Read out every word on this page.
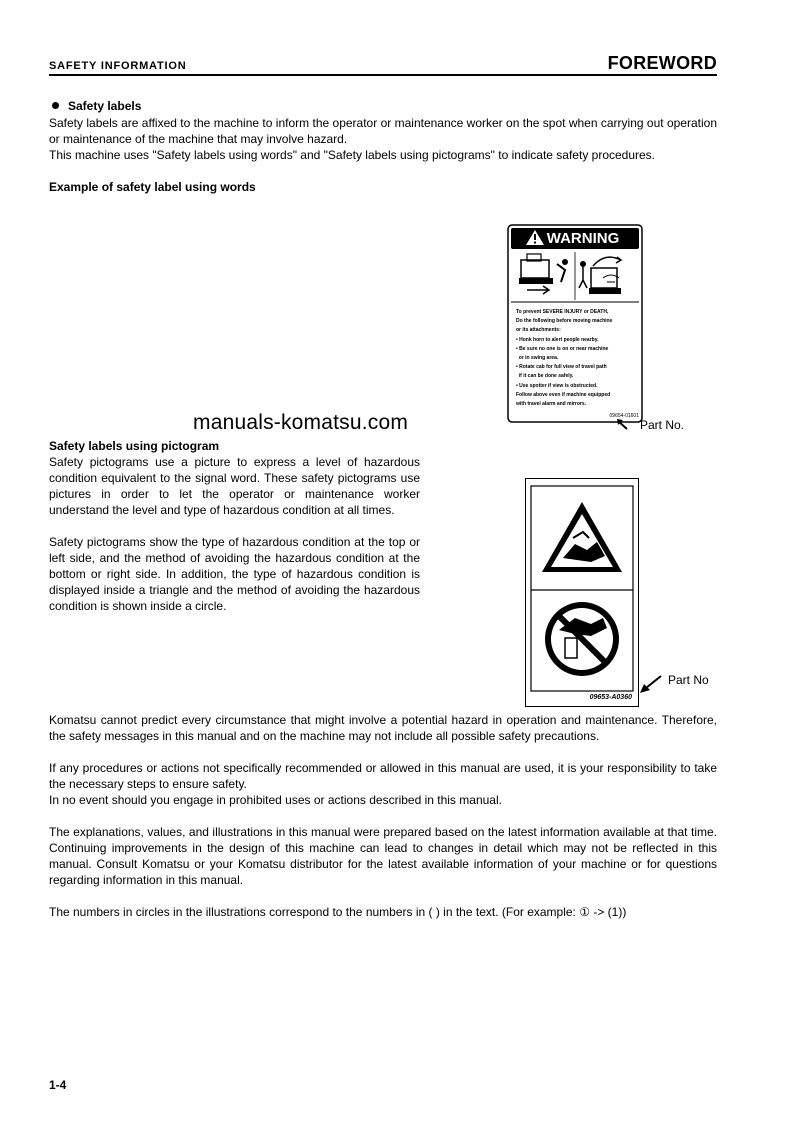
SAFETY INFORMATION	FOREWORD
Safety labels
Safety labels are affixed to the machine to inform the operator or maintenance worker on the spot when carrying out operation or maintenance of the machine that may involve hazard.
This machine uses "Safety labels using words" and "Safety labels using pictograms" to indicate safety procedures.
Example of safety label using words
WARNING
To prevent SEVERE INJURY or DEATH,
Do the following before moving machine
or its attachments:
• Honk horn to alert people nearby.
• Be sure no one is on or near machine
or in swing area.
• Rotate cab for full view of travel path
if it can be done safely.
• Use spotter if view is obstructed.
Follow above even if machine equipped
with travel alarm and mirrors.
09654-01601
Part No.
manuals-komatsu.com
Safety labels using pictogram
Safety pictograms use a picture to express a level of hazardous condition equivalent to the signal word. These safety pictograms use pictures in order to let the operator or maintenance worker understand the level and type of hazardous condition at all times.
Safety pictograms show the type of hazardous condition at the top or left side, and the method of avoiding the hazardous condition at the bottom or right side. In addition, the type of hazardous condition is displayed inside a triangle and the method of avoiding the hazardous condition is shown inside a circle.
09653-A0360
Part No
Komatsu cannot predict every circumstance that might involve a potential hazard in operation and maintenance. Therefore, the safety messages in this manual and on the machine may not include all possible safety precautions.
If any procedures or actions not specifically recommended or allowed in this manual are used, it is your responsibility to take the necessary steps to ensure safety.
In no event should you engage in prohibited uses or actions described in this manual.
The explanations, values, and illustrations in this manual were prepared based on the latest information available at that time. Continuing improvements in the design of this machine can lead to changes in detail which may not be reflected in this manual. Consult Komatsu or your Komatsu distributor for the latest available information of your machine or for questions regarding information in this manual.
The numbers in circles in the illustrations correspond to the numbers in ( ) in the text. (For example: ① -> (1))
1-4
